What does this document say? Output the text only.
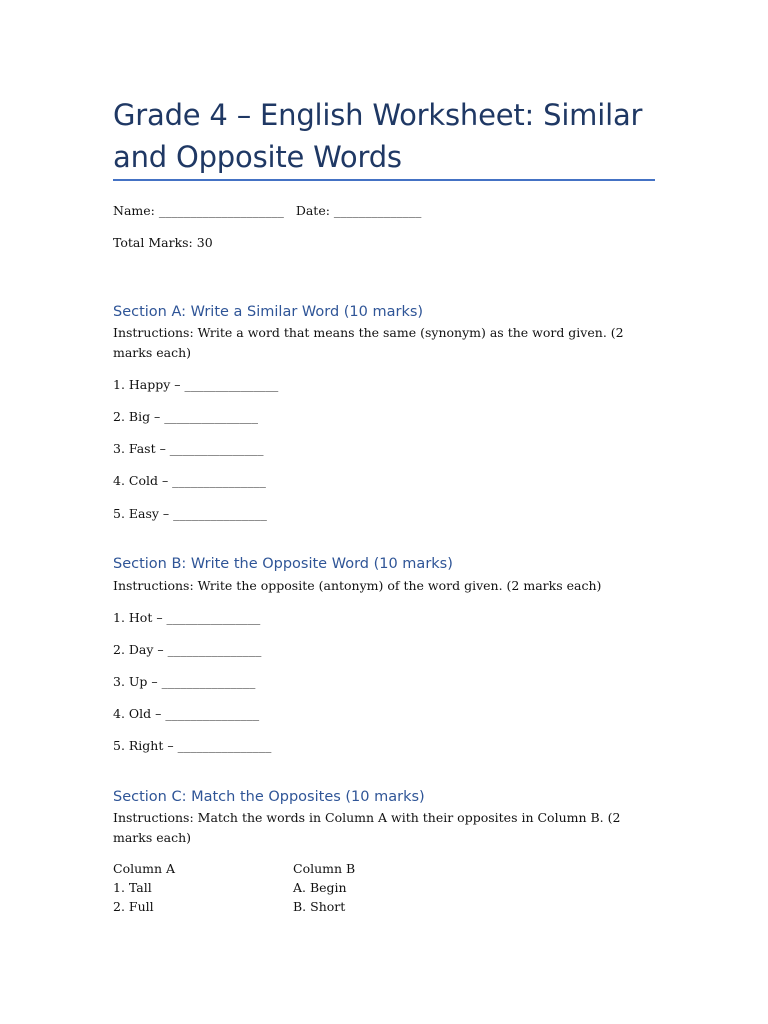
Grade 4 – English Worksheet: Similar and Opposite Words
Name: ____________________ Date: ______________
Total Marks: 30
Section A: Write a Similar Word (10 marks)
Instructions: Write a word that means the same (synonym) as the word given. (2 marks each)
1. Happy – _______________
2. Big – _______________
3. Fast – _______________
4. Cold – _______________
5. Easy – _______________
Section B: Write the Opposite Word (10 marks)
Instructions: Write the opposite (antonym) of the word given. (2 marks each)
1. Hot – _______________
2. Day – _______________
3. Up – _______________
4. Old – _______________
5. Right – _______________
Section C: Match the Opposites (10 marks)
Instructions: Match the words in Column A with their opposites in Column B. (2 marks each)
Column A
1. Tall
2. Full
Column B
A. Begin
B. Short
